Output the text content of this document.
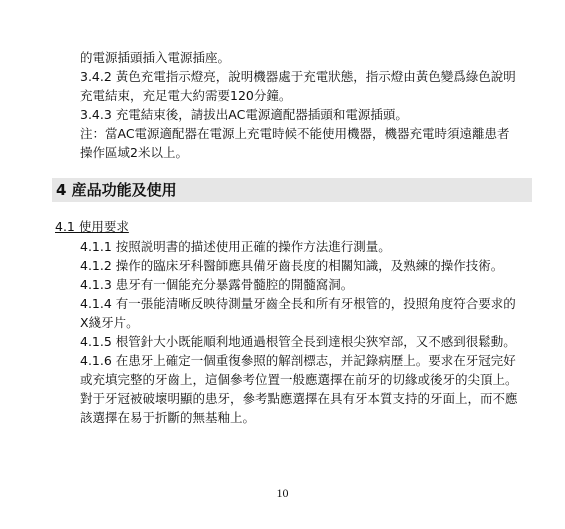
的電源插頭插入電源插座。

3.4.2 黃色充電指示燈亮，說明機器處于充電狀態，指示燈由黃色變爲綠色說明充電結束，充足電大約需要120分鐘。

3.4.3 充電結束後，請拔出AC電源適配器插頭和電源插頭。

注：當AC電源適配器在電源上充電時候不能使用機器，機器充電時須遠離患者操作區域2米以上。

4 産品功能及使用
4.1 使用要求

4.1.1 按照説明書的描述使用正確的操作方法進行測量。

4.1.2 操作的臨床牙科醫師應具備牙齒長度的相關知識，及熟練的操作技術。

4.1.3 患牙有一個能充分暴露骨髓腔的開髓窩洞。

4.1.4 有一張能清晰反映待測量牙齒全長和所有牙根管的，投照角度符合要求的X綫牙片。

4.1.5 根管針大小既能順利地通過根管全長到達根尖狹窄部，又不感到很鬆動。

4.1.6 在患牙上確定一個重復參照的解剖標志，并記錄病歷上。要求在牙冠完好或充填完整的牙齒上，這個參考位置一般應選擇在前牙的切緣或後牙的尖頂上。對于牙冠被破壞明顯的患牙，參考點應選擇在具有牙本質支持的牙面上，而不應該選擇在易于折斷的無基釉上。

10
